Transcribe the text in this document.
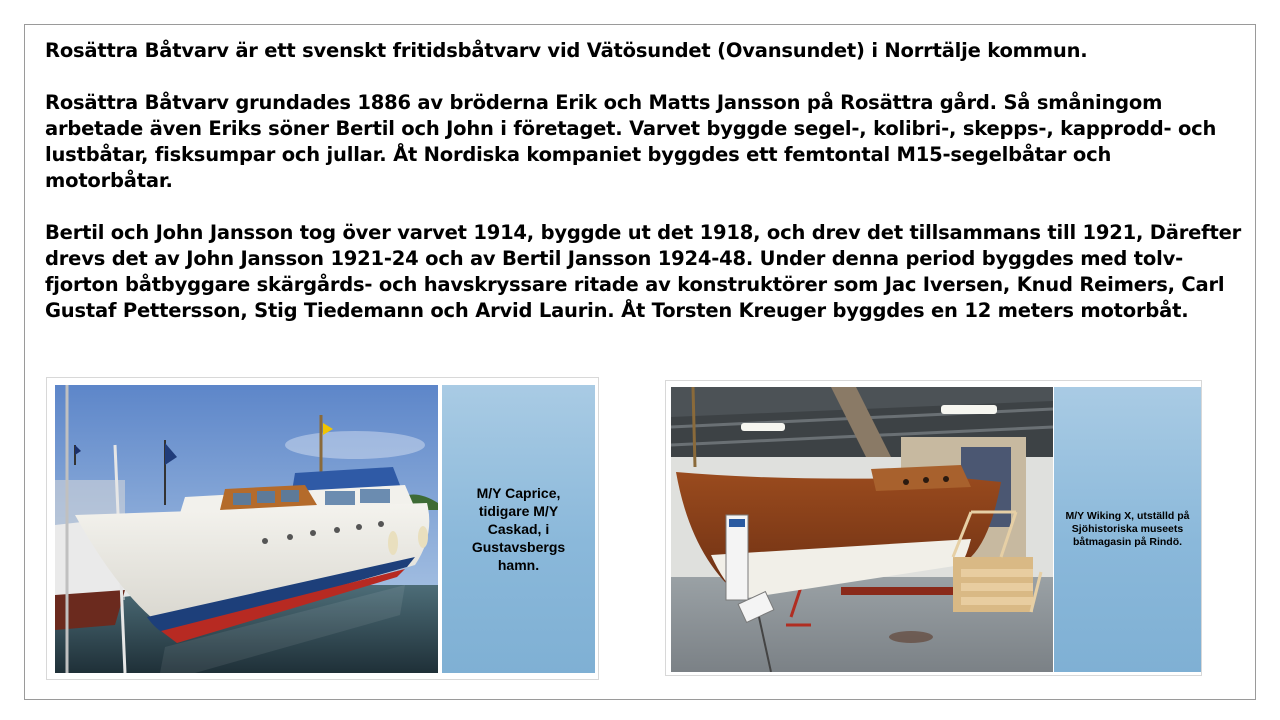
Rosättra Båtvarv är ett svenskt fritidsbåtvarv vid Vätösundet (Ovansundet) i Norrtälje kommun.

Rosättra Båtvarv grundades 1886 av bröderna Erik och Matts Jansson på Rosättra gård. Så småningom arbetade även Eriks söner Bertil och John i företaget. Varvet byggde segel-, kolibri-, skepps-, kapprodd- och lustbåtar, fisksumpar och jullar. Åt Nordiska kompaniet byggdes ett femtontal M15-segelbåtar och motorbåtar.

Bertil och John Jansson tog över varvet 1914, byggde ut det 1918, och drev det tillsammans till 1921, Därefter drevs det av John Jansson 1921-24 och av Bertil Jansson 1924-48. Under denna period byggdes med tolv-fjorton båtbyggare skärgårds- och havskryssare ritade av konstruktörer som Jac Iversen, Knud Reimers, Carl Gustaf Pettersson, Stig Tiedemann och Arvid Laurin. Åt Torsten Kreuger byggdes en 12 meters motorbåt.

M/Y Caprice, tidigare M/Y Caskad, i Gustavsbergs hamn.
M/Y Wiking X, utställd på Sjöhistoriska museets båtmagasin på Rindö.
